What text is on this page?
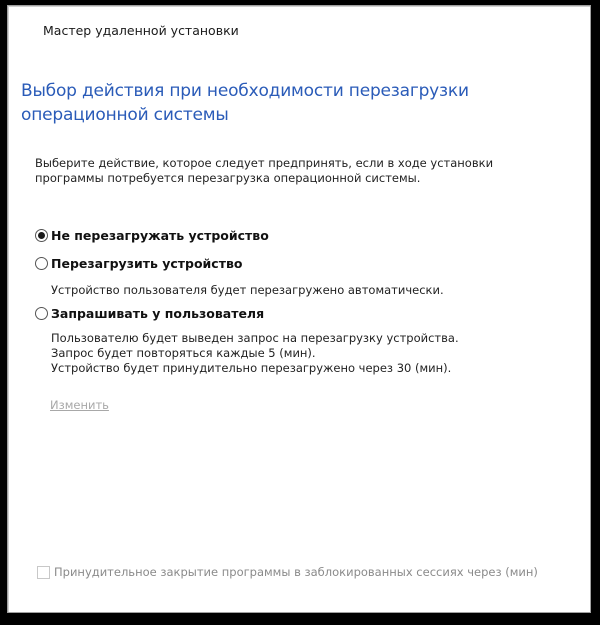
Мастер удаленной установки
Выбор действия при необходимости перезагрузки операционной системы
Выберите действие, которое следует предпринять, если в ходе установки программы потребуется перезагрузка операционной системы.
Не перезагружать устройство
Перезагрузить устройство
Устройство пользователя будет перезагружено автоматически.
Запрашивать у пользователя
Пользователю будет выведен запрос на перезагрузку устройства.
Запрос будет повторяться каждые 5 (мин).
Устройство будет принудительно перезагружено через 30 (мин).
Изменить
Принудительное закрытие программы в заблокированных сессиях через (мин)
